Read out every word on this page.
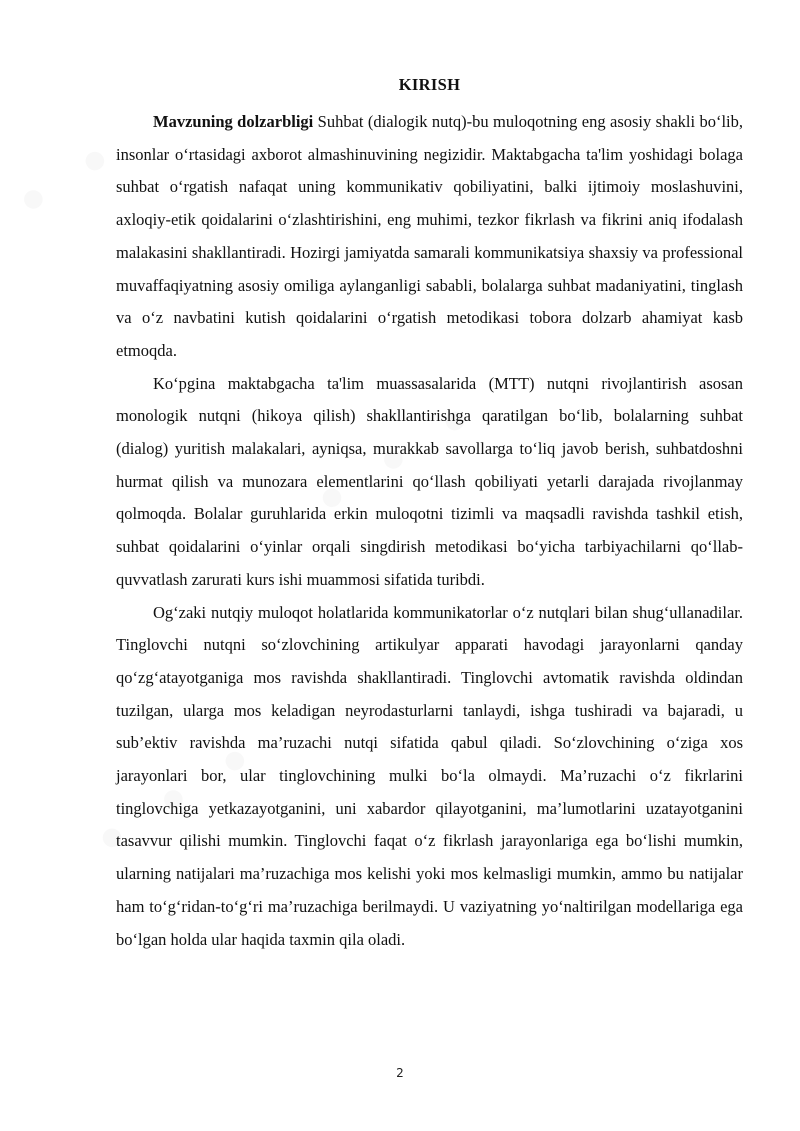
KIRISH

Mavzuning dolzarbligi Suhbat (dialogik nutq)-bu muloqotning eng asosiy shakli bo‘lib, insonlar o‘rtasidagi axborot almashinuvining negizidir. Maktabgacha ta'lim yoshidagi bolaga suhbat o‘rgatish nafaqat uning kommunikativ qobiliyatini, balki ijtimoiy moslashuvini, axloqiy-etik qoidalarini o‘zlashtirishini, eng muhimi, tezkor fikrlash va fikrini aniq ifodalash malakasini shakllantiradi. Hozirgi jamiyatda samarali kommunikatsiya shaxsiy va professional muvaffaqiyatning asosiy omiliga aylanganligi sababli, bolalarga suhbat madaniyatini, tinglash va o‘z navbatini kutish qoidalarini o‘rgatish metodikasi tobora dolzarb ahamiyat kasb etmoqda.

Ko‘pgina maktabgacha ta'lim muassasalarida (MTT) nutqni rivojlantirish asosan monologik nutqni (hikoya qilish) shakllantirishga qaratilgan bo‘lib, bolalarning suhbat (dialog) yuritish malakalari, ayniqsa, murakkab savollarga to‘liq javob berish, suhbatdoshni hurmat qilish va munozara elementlarini qo‘llash qobiliyati yetarli darajada rivojlanmay qolmoqda. Bolalar guruhlarida erkin muloqotni tizimli va maqsadli ravishda tashkil etish, suhbat qoidalarini o‘yinlar orqali singdirish metodikasi bo‘yicha tarbiyachilarni qo‘llab-quvvatlash zarurati kurs ishi muammosi sifatida turibdi.

Og‘zaki nutqiy muloqot holatlarida kommunikatorlar o‘z nutqlari bilan shug‘ullanadilar. Tinglovchi nutqni so‘zlovchining artikulyar apparati havodagi jarayonlarni qanday qo‘zg‘atayotganiga mos ravishda shakllantiradi. Tinglovchi avtomatik ravishda oldindan tuzilgan, ularga mos keladigan neyrodasturlarni tanlaydi, ishga tushiradi va bajaradi, u sub’ektiv ravishda ma’ruzachi nutqi sifatida qabul qiladi. So‘zlovchining o‘ziga xos jarayonlari bor, ular tinglovchining mulki bo‘la olmaydi. Ma’ruzachi o‘z fikrlarini tinglovchiga yetkazayotganini, uni xabardor qilayotganini, ma’lumotlarini uzatayotganini tasavvur qilishi mumkin. Tinglovchi faqat o‘z fikrlash jarayonlariga ega bo‘lishi mumkin, ularning natijalari ma’ruzachiga mos kelishi yoki mos kelmasligi mumkin, ammo bu natijalar ham to‘g‘ridan-to‘g‘ri ma’ruzachiga berilmaydi. U vaziyatning yo‘naltirilgan modellariga ega bo‘lgan holda ular haqida taxmin qila oladi.

2
